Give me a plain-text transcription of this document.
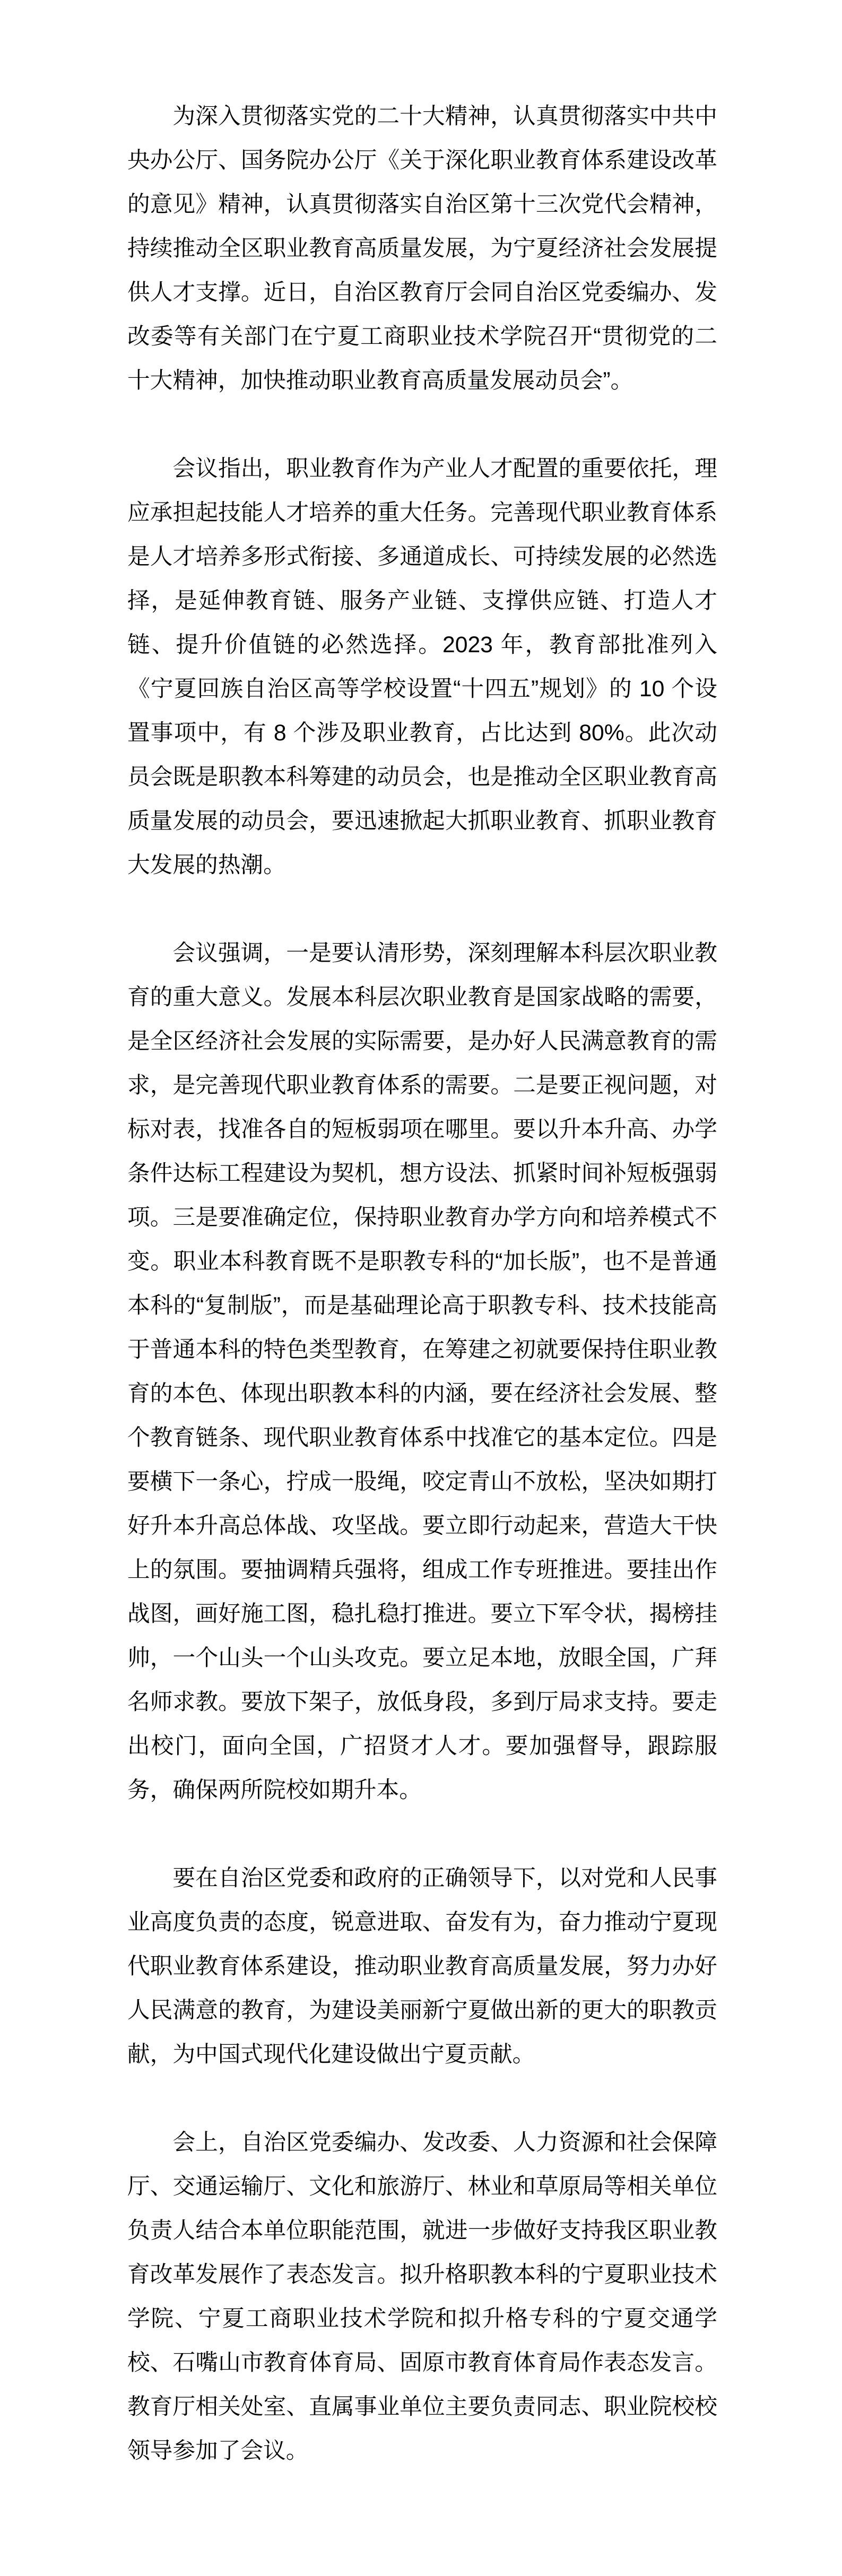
为深入贯彻落实党的二十大精神，认真贯彻落实中共中央办公厅、国务院办公厅《关于深化职业教育体系建设改革的意见》精神，认真贯彻落实自治区第十三次党代会精神，持续推动全区职业教育高质量发展，为宁夏经济社会发展提供人才支撑。近日，自治区教育厅会同自治区党委编办、发改委等有关部门在宁夏工商职业技术学院召开“贯彻党的二十大精神，加快推动职业教育高质量发展动员会”。

会议指出，职业教育作为产业人才配置的重要依托，理应承担起技能人才培养的重大任务。完善现代职业教育体系是人才培养多形式衔接、多通道成长、可持续发展的必然选择，是延伸教育链、服务产业链、支撑供应链、打造人才链、提升价值链的必然选择。2023 年，教育部批准列入《宁夏回族自治区高等学校设置“十四五”规划》的 10 个设置事项中，有 8 个涉及职业教育，占比达到 80%。此次动员会既是职教本科筹建的动员会，也是推动全区职业教育高质量发展的动员会，要迅速掀起大抓职业教育、抓职业教育大发展的热潮。

会议强调，一是要认清形势，深刻理解本科层次职业教育的重大意义。发展本科层次职业教育是国家战略的需要，是全区经济社会发展的实际需要，是办好人民满意教育的需求，是完善现代职业教育体系的需要。二是要正视问题，对标对表，找准各自的短板弱项在哪里。要以升本升高、办学条件达标工程建设为契机，想方设法、抓紧时间补短板强弱项。三是要准确定位，保持职业教育办学方向和培养模式不变。职业本科教育既不是职教专科的“加长版”，也不是普通本科的“复制版”，而是基础理论高于职教专科、技术技能高于普通本科的特色类型教育，在筹建之初就要保持住职业教育的本色、体现出职教本科的内涵，要在经济社会发展、整个教育链条、现代职业教育体系中找准它的基本定位。四是要横下一条心，拧成一股绳，咬定青山不放松，坚决如期打好升本升高总体战、攻坚战。要立即行动起来，营造大干快上的氛围。要抽调精兵强将，组成工作专班推进。要挂出作战图，画好施工图，稳扎稳打推进。要立下军令状，揭榜挂帅，一个山头一个山头攻克。要立足本地，放眼全国，广拜名师求教。要放下架子，放低身段，多到厅局求支持。要走出校门，面向全国，广招贤才人才。要加强督导，跟踪服务，确保两所院校如期升本。

要在自治区党委和政府的正确领导下，以对党和人民事业高度负责的态度，锐意进取、奋发有为，奋力推动宁夏现代职业教育体系建设，推动职业教育高质量发展，努力办好人民满意的教育，为建设美丽新宁夏做出新的更大的职教贡献，为中国式现代化建设做出宁夏贡献。

会上，自治区党委编办、发改委、人力资源和社会保障厅、交通运输厅、文化和旅游厅、林业和草原局等相关单位负责人结合本单位职能范围，就进一步做好支持我区职业教育改革发展作了表态发言。拟升格职教本科的宁夏职业技术学院、宁夏工商职业技术学院和拟升格专科的宁夏交通学校、石嘴山市教育体育局、固原市教育体育局作表态发言。教育厅相关处室、直属事业单位主要负责同志、职业院校校领导参加了会议。
